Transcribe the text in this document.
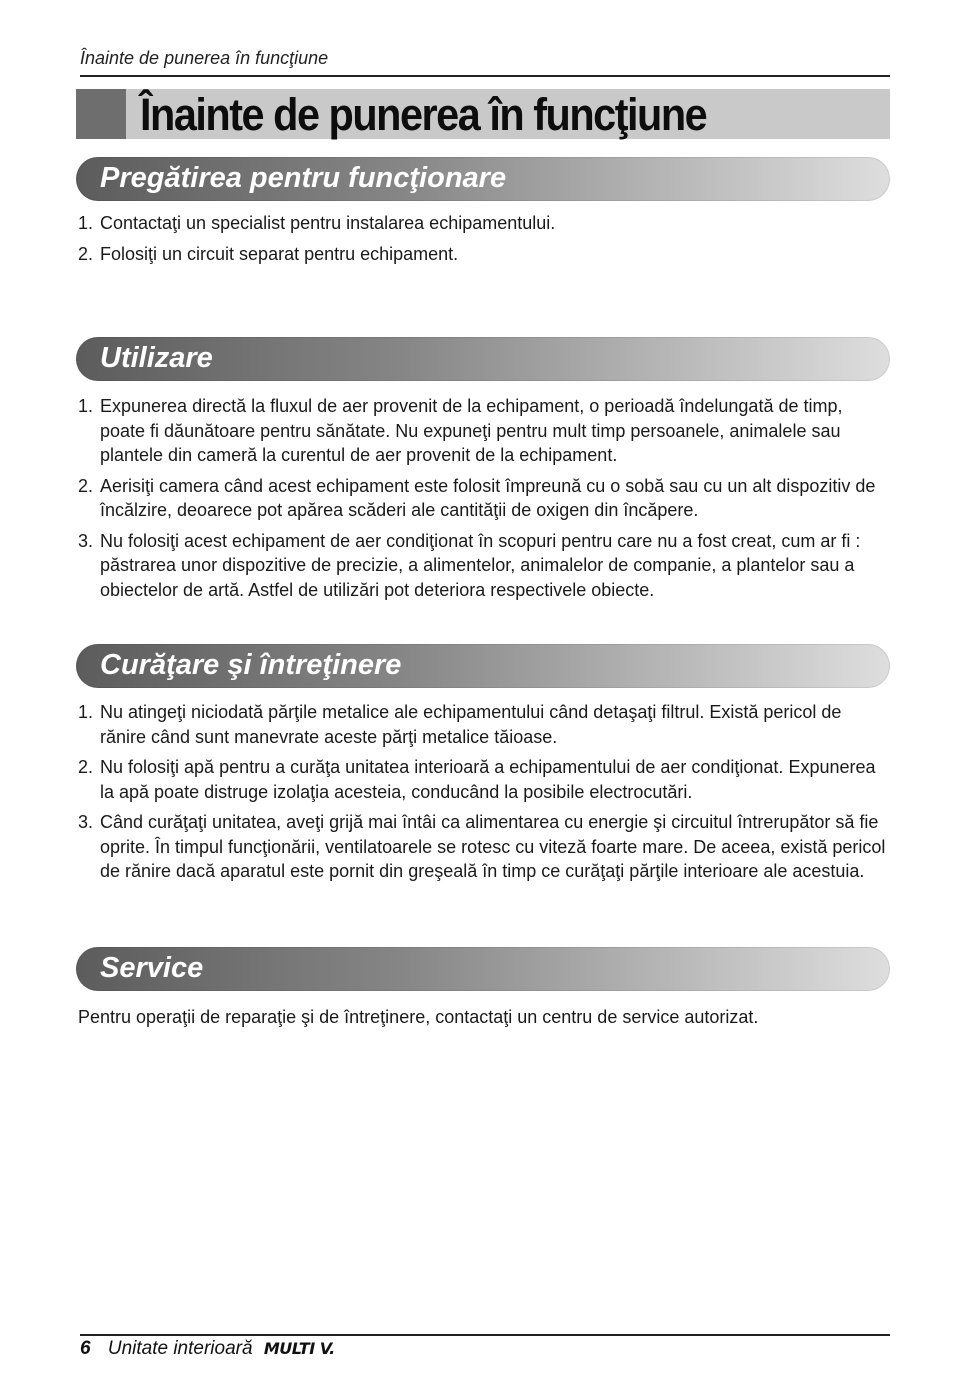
Înainte de punerea în funcţiune
Înainte de punerea în funcţiune
Pregătirea pentru funcţionare
1. Contactaţi un specialist pentru instalarea echipamentului.
2. Folosiţi un circuit separat pentru echipament.
Utilizare
1. Expunerea directă la fluxul de aer provenit de la echipament, o perioadă îndelungată de timp, poate fi dăunătoare pentru sănătate. Nu expuneţi pentru mult timp persoanele, animalele sau plantele din cameră la curentul de aer provenit de la echipament.
2. Aerisiţi camera când acest echipament este folosit împreună cu o sobă sau cu un alt dispozitiv de încălzire, deoarece pot apărea scăderi ale cantităţii de oxigen din încăpere.
3. Nu folosiţi acest echipament de aer condiţionat în scopuri pentru care nu a fost creat, cum ar fi : păstrarea unor dispozitive de precizie, a alimentelor, animalelor de companie, a plantelor sau a obiectelor de artă. Astfel de utilizări pot deteriora respectivele obiecte.
Curăţare şi întreţinere
1. Nu atingeţi niciodată părţile metalice ale echipamentului când detaşaţi filtrul. Există pericol de rănire când sunt manevrate aceste părţi metalice tăioase.
2. Nu folosiţi apă pentru a curăţa unitatea interioară a echipamentului de aer condiţionat. Expunerea la apă poate distruge izolaţia acesteia, conducând la posibile electrocutări.
3. Când curăţaţi unitatea, aveţi grijă mai întâi ca alimentarea cu energie şi circuitul întrerupător să fie oprite. În timpul funcţionării, ventilatoarele se rotesc cu viteză foarte mare. De aceea, există pericol de rănire dacă aparatul este pornit din greşeală în timp ce curăţaţi părţile interioare ale acestuia.
Service
Pentru operaţii de reparaţie şi de întreţinere, contactaţi un centru de service autorizat.
6 Unitate interioară MULTI V.
